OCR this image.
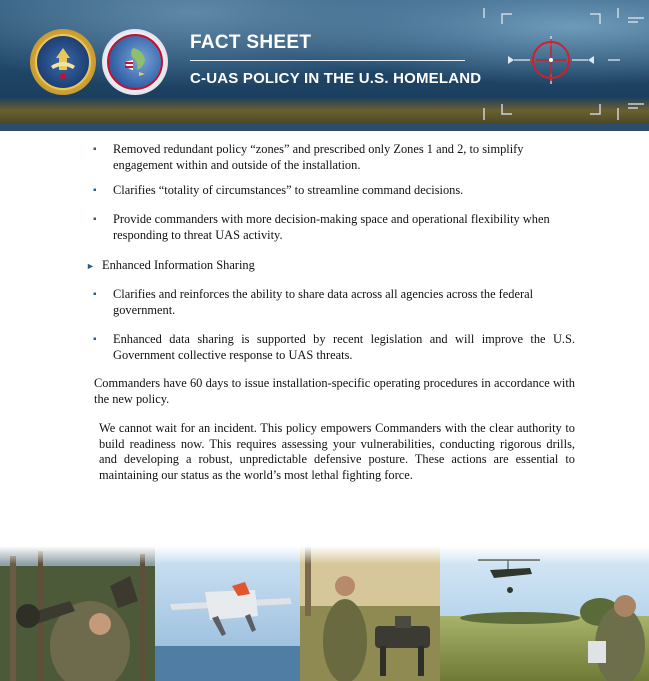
FACT SHEET
C-UAS POLICY IN THE U.S. HOMELAND
▪ Removed redundant policy “zones” and prescribed only Zones 1 and 2, to simplify engagement within and outside of the installation.
▪ Clarifies “totality of circumstances” to streamline command decisions.
▪ Provide commanders with more decision-making space and operational flexibility when responding to threat UAS activity.
► Enhanced Information Sharing
▪ Clarifies and reinforces the ability to share data across all agencies across the federal government.
▪ Enhanced data sharing is supported by recent legislation and will improve the U.S. Government collective response to UAS threats.
Commanders have 60 days to issue installation-specific operating procedures in accordance with the new policy.
We cannot wait for an incident. This policy empowers Commanders with the clear authority to build readiness now. This requires assessing your vulnerabilities, conducting rigorous drills, and developing a robust, unpredictable defensive posture. These actions are essential to maintaining our status as the world’s most lethal fighting force.
